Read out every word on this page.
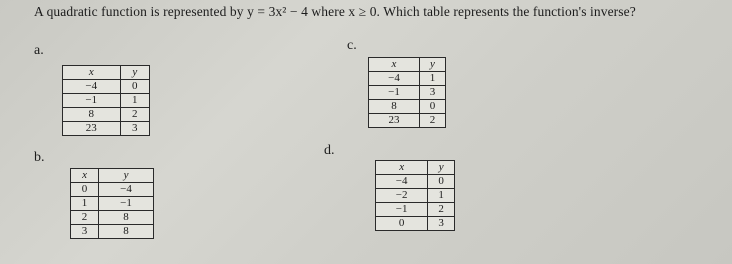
A quadratic function is represented by y = 3x² − 4 where x ≥ 0. Which table represents the function's inverse?
a.
x	y
−4	0
−1	1
8	2
23	3
b.
x	y
0	−4
1	−1
2	8
3	8
c.
x	y
−4	1
−1	3
8	0
23	2
d.
x	y
−4	0
−2	1
−1	2
0	3
